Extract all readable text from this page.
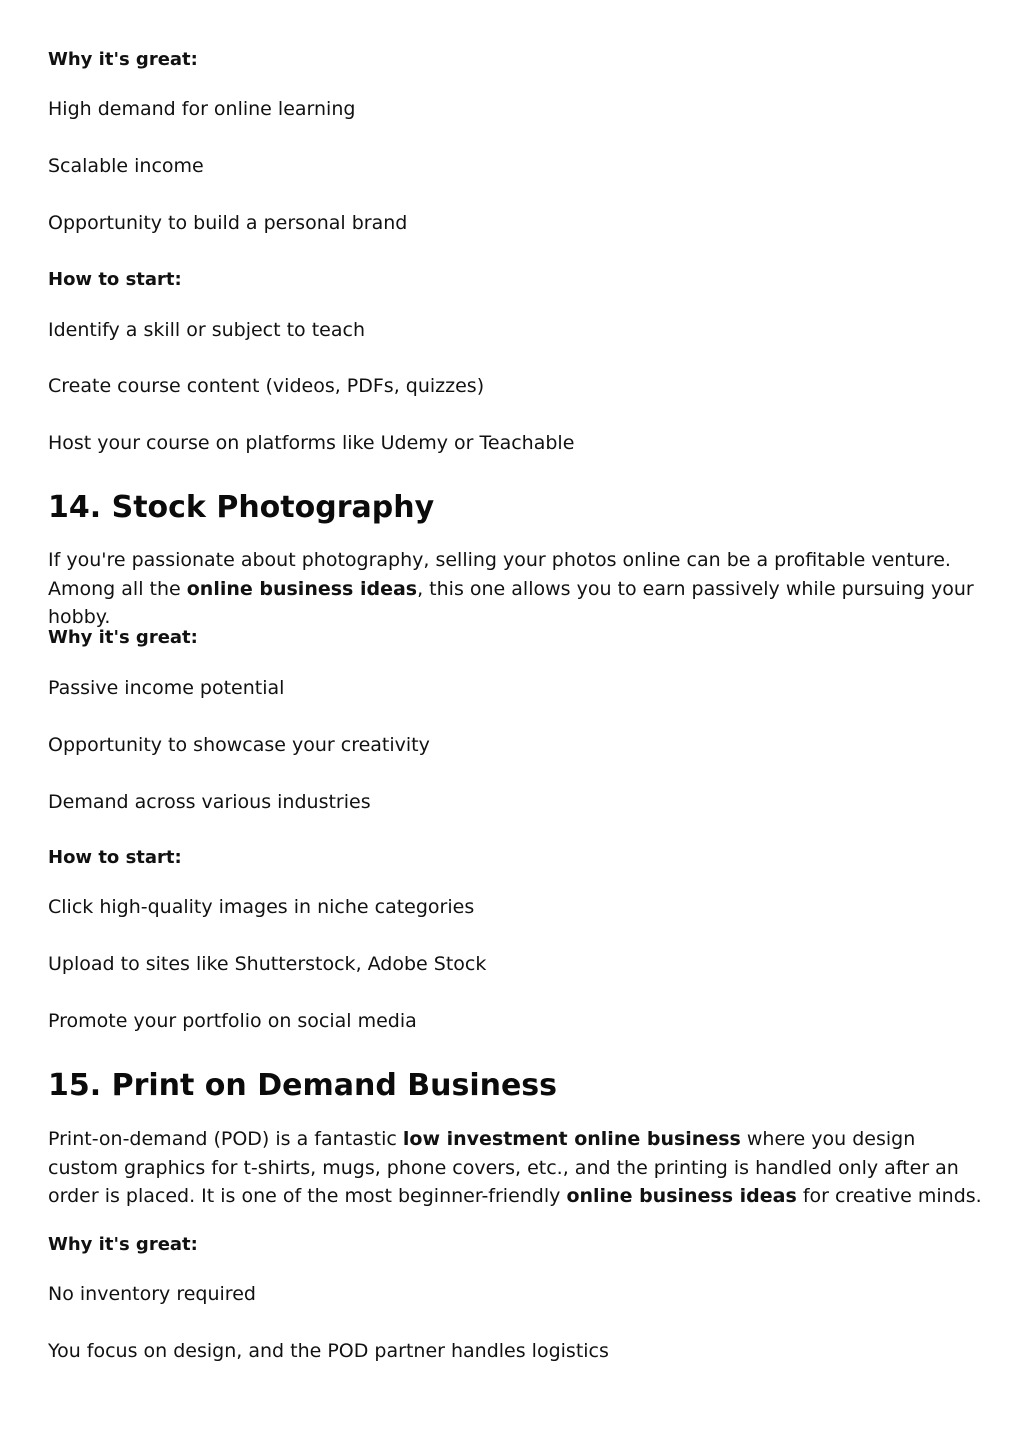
Why it's great:
High demand for online learning
Scalable income
Opportunity to build a personal brand
How to start:
Identify a skill or subject to teach
Create course content (videos, PDFs, quizzes)
Host your course on platforms like Udemy or Teachable
14. Stock Photography

If you're passionate about photography, selling your photos online can be a profitable venture. Among all the online business ideas, this one allows you to earn passively while pursuing your hobby.

Why it's great:
Passive income potential
Opportunity to showcase your creativity
Demand across various industries
How to start:
Click high-quality images in niche categories
Upload to sites like Shutterstock, Adobe Stock
Promote your portfolio on social media
15. Print on Demand Business

Print-on-demand (POD) is a fantastic low investment online business where you design custom graphics for t-shirts, mugs, phone covers, etc., and the printing is handled only after an order is placed. It is one of the most beginner-friendly online business ideas for creative minds.

Why it's great:
No inventory required
You focus on design, and the POD partner handles logistics
